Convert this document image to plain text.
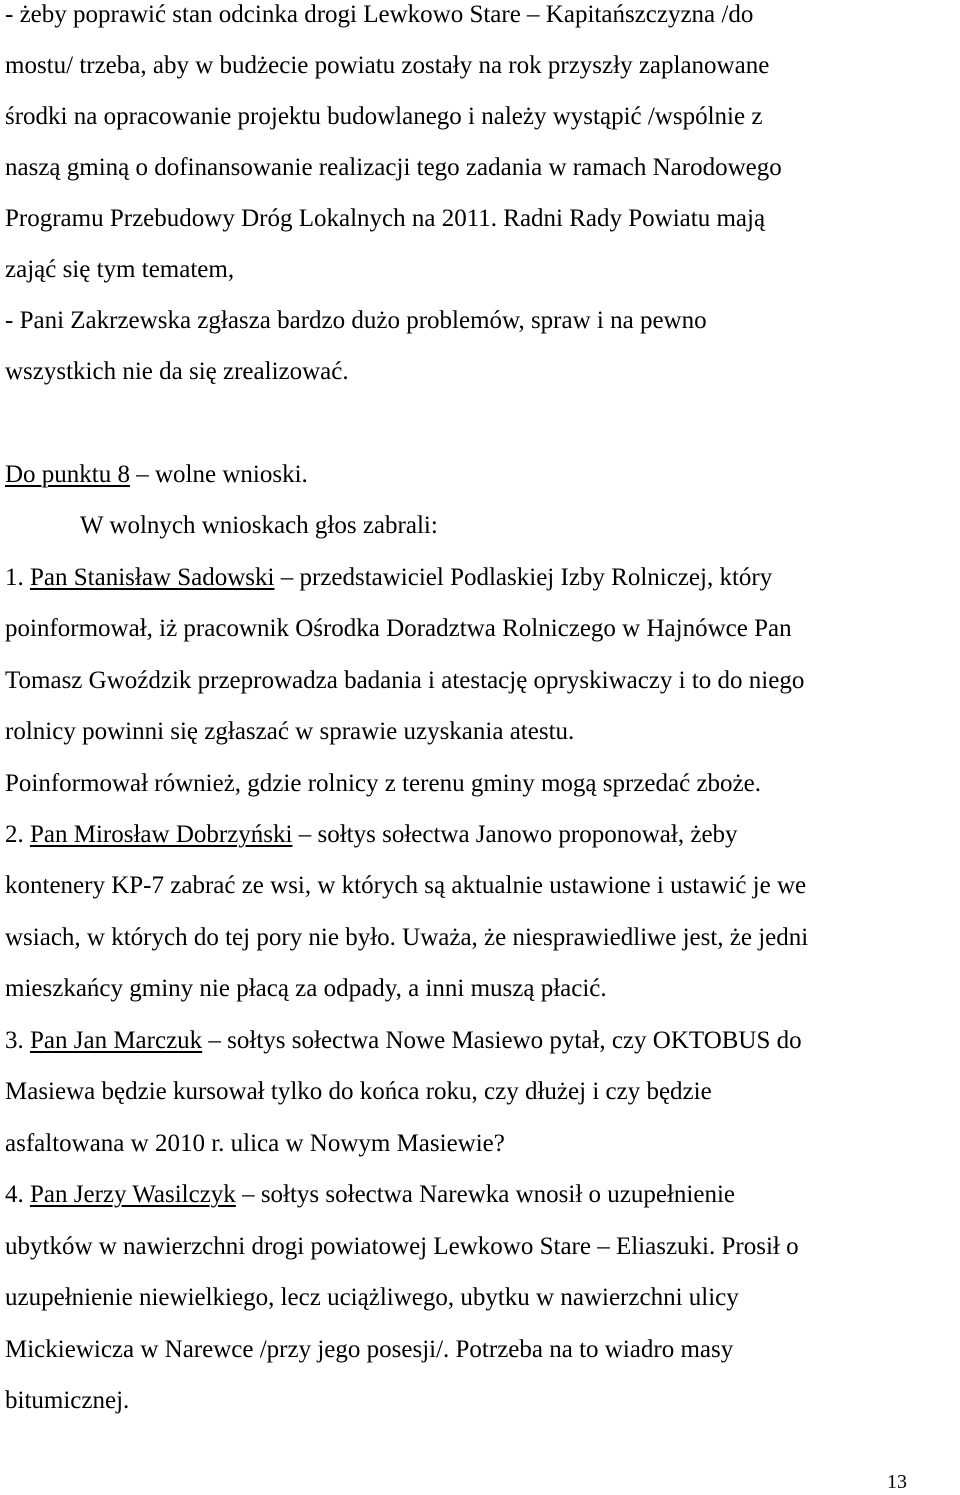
- żeby poprawić stan odcinka drogi Lewkowo Stare – Kapitańszczyzna /do
mostu/ trzeba, aby w budżecie powiatu zostały na rok przyszły zaplanowane
środki na opracowanie projektu budowlanego i należy wystąpić /wspólnie z
naszą gminą o dofinansowanie realizacji tego zadania w ramach Narodowego
Programu Przebudowy Dróg Lokalnych na 2011. Radni Rady Powiatu mają
zająć się tym tematem,
- Pani Zakrzewska zgłasza bardzo dużo problemów, spraw i na pewno
wszystkich nie da się zrealizować.
Do punktu 8 – wolne wnioski.
W wolnych wnioskach głos zabrali:
1. Pan Stanisław Sadowski – przedstawiciel Podlaskiej Izby Rolniczej, który
poinformował, iż pracownik Ośrodka Doradztwa Rolniczego w Hajnówce Pan
Tomasz Gwoździk przeprowadza badania i atestację opryskiwaczy i to do niego
rolnicy powinni się zgłaszać w sprawie uzyskania atestu.
Poinformował również, gdzie rolnicy z terenu gminy mogą sprzedać zboże.
2. Pan Mirosław Dobrzyński – sołtys sołectwa Janowo proponował, żeby
kontenery KP-7 zabrać ze wsi, w których są aktualnie ustawione i ustawić je we
wsiach, w których do tej pory nie było. Uważa, że niesprawiedliwe jest, że jedni
mieszkańcy gminy nie płacą za odpady, a inni muszą płacić.
3. Pan Jan Marczuk – sołtys sołectwa Nowe Masiewo pytał, czy OKTOBUS do
Masiewa będzie kursował tylko do końca roku, czy dłużej i czy będzie
asfaltowana w 2010 r. ulica w Nowym Masiewie?
4. Pan Jerzy Wasilczyk – sołtys sołectwa Narewka wnosił o uzupełnienie
ubytków w nawierzchni drogi powiatowej Lewkowo Stare – Eliaszuki. Prosił o
uzupełnienie niewielkiego, lecz uciążliwego, ubytku w nawierzchni ulicy
Mickiewicza w Narewce /przy jego posesji/. Potrzeba na to wiadro masy
bitumicznej.
13
